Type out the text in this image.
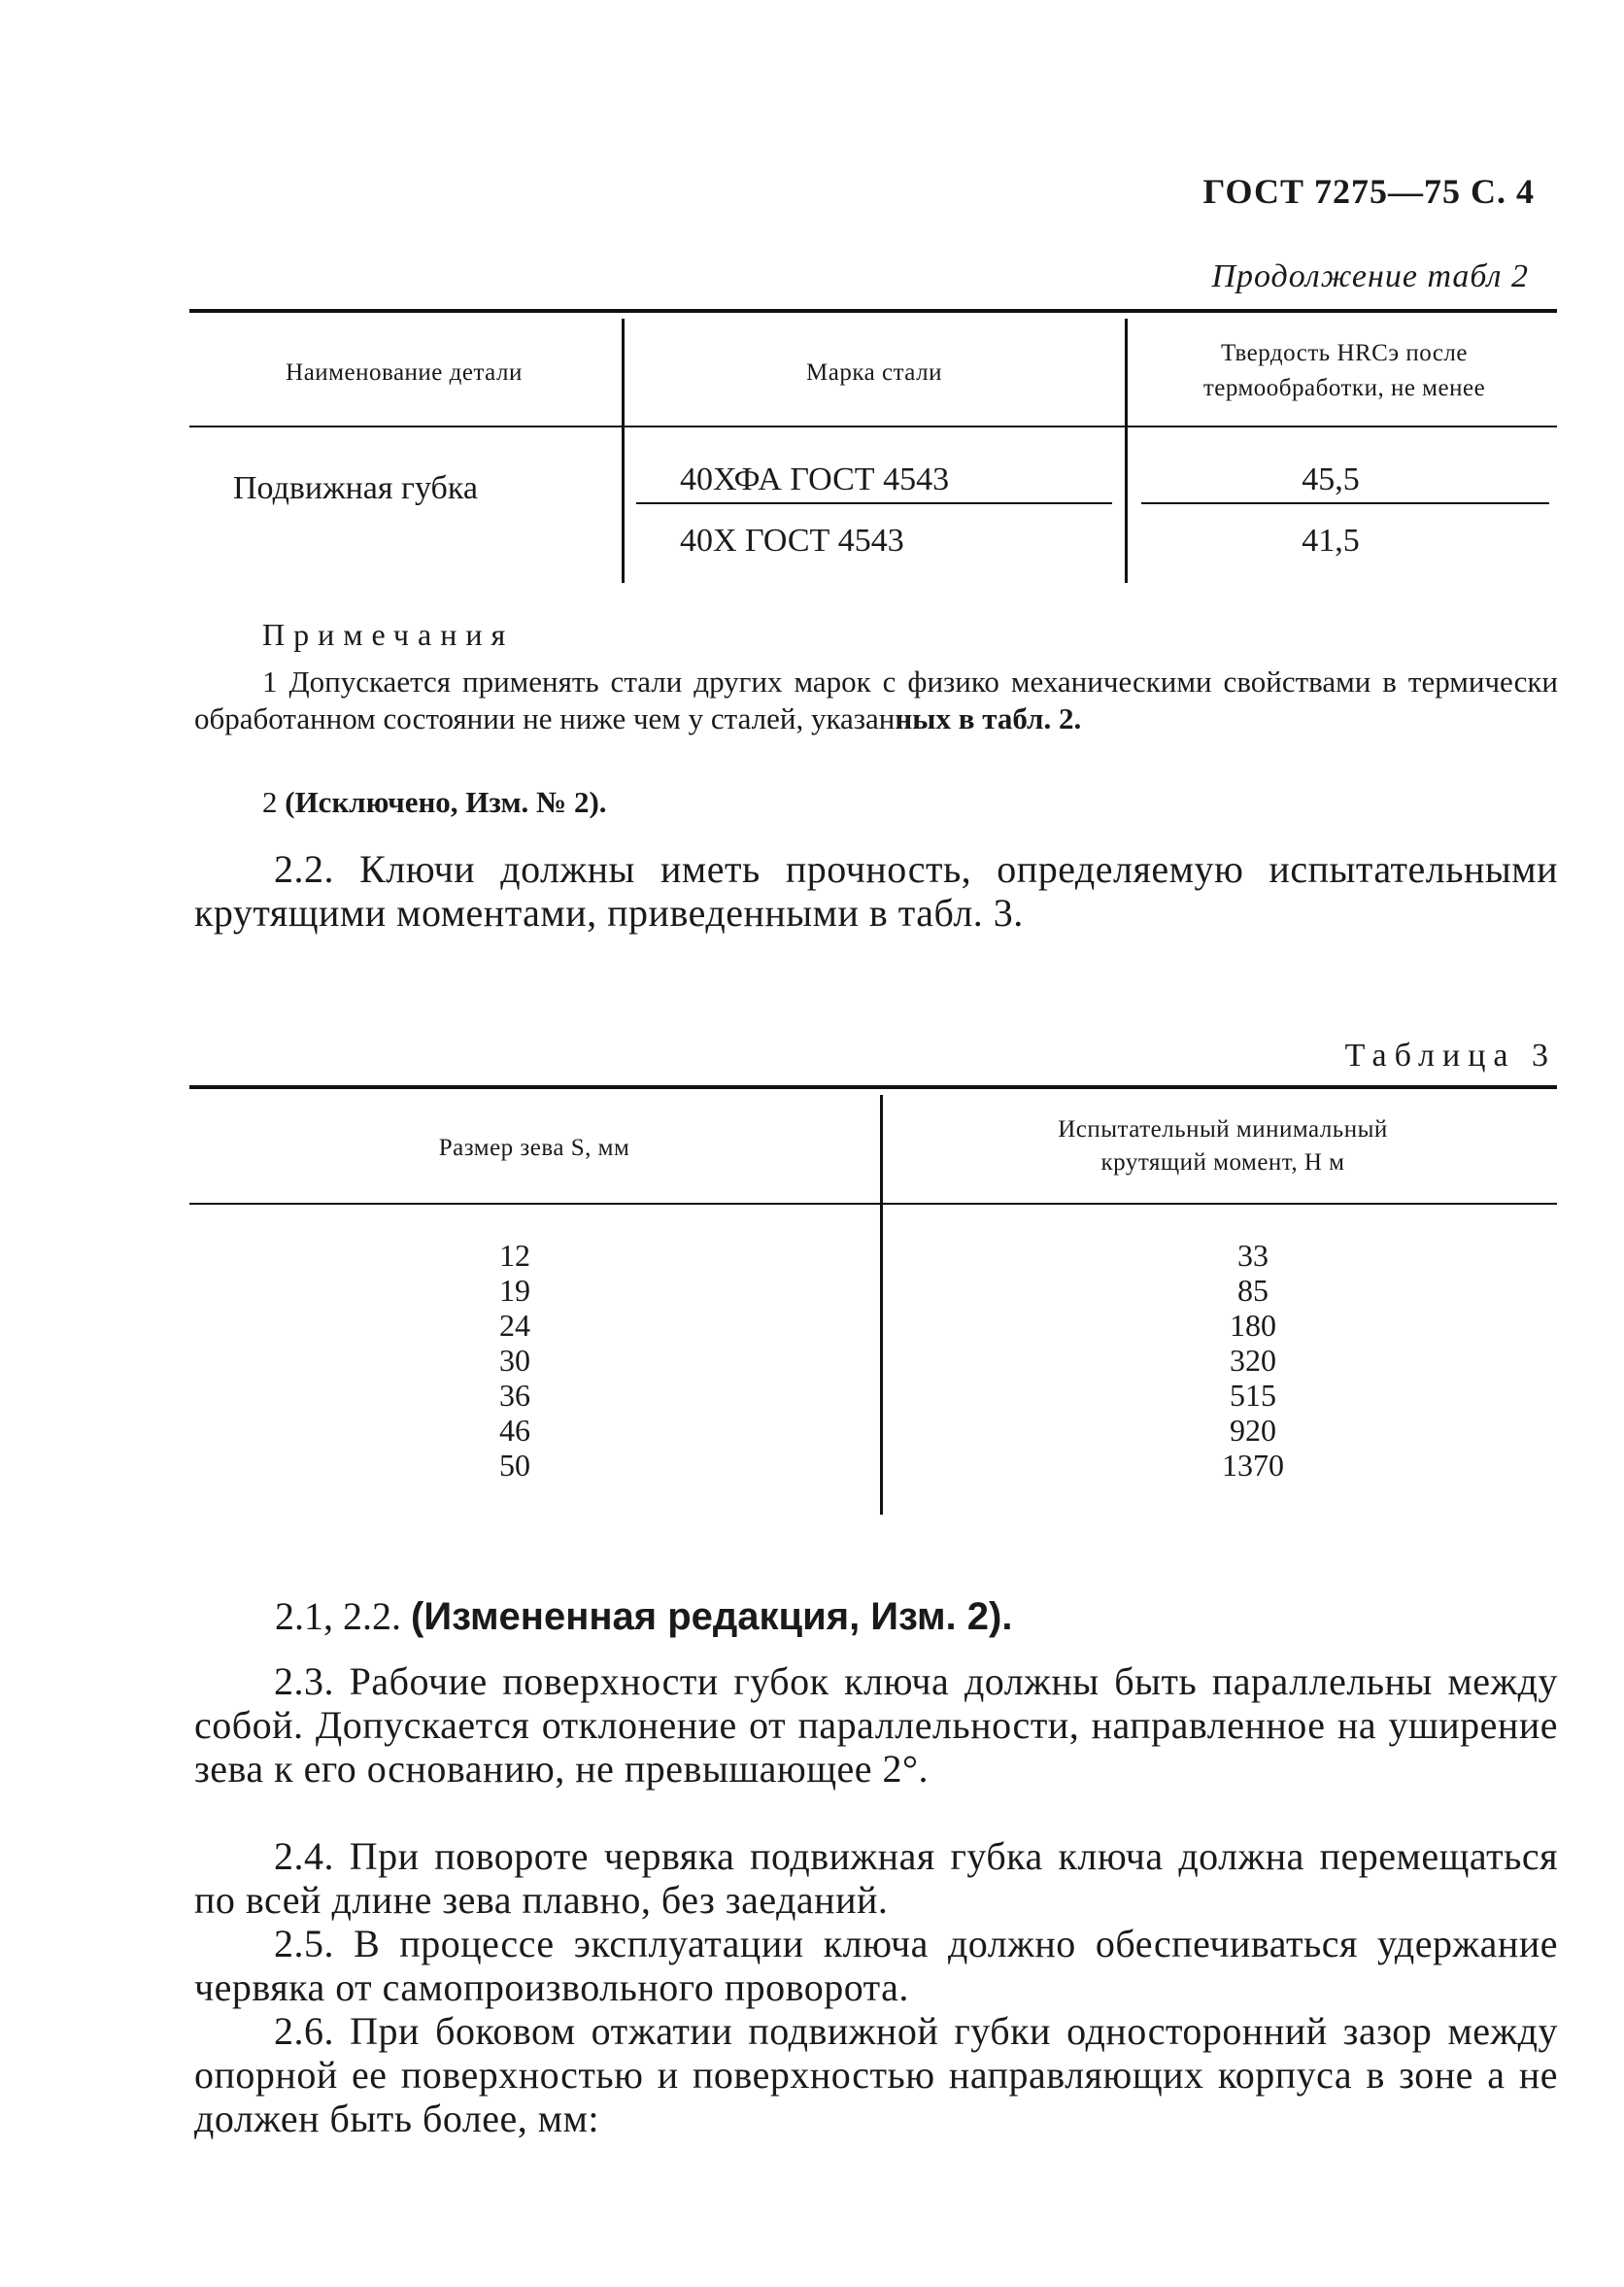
ГОСТ 7275—75 С. 4
Продолжение табл 2
Наименование детали	Марка стали
Твердость HRCэ после
термообработки, не менее
Подвижная губка	40ХФА ГОСТ 4543
40Х ГОСТ 4543
45,5
41,5
Примечания
1 Допускается применять стали других марок с физико механическими свойствами в термически обработанном состоянии не ниже чем у сталей, указанных в табл. 2.
2 (Исключено, Изм. № 2).
2.2. Ключи должны иметь прочность, определяемую испытательными крутящими моментами, приведенными в табл. 3.
Таблица 3
Размер зева S, мм
Испытательный минимальный
крутящий момент, Н м
12
19
24
30
36
46
50
33
85
180
320
515
920
1370
2.1, 2.2. (Измененная редакция, Изм. 2).
2.3. Рабочие поверхности губок ключа должны быть параллельны между собой. Допускается отклонение от параллельности, направленное на уширение зева к его основанию, не превышающее 2°.
2.4. При повороте червяка подвижная губка ключа должна перемещаться по всей длине зева плавно, без заеданий.
2.5. В процессе эксплуатации ключа должно обеспечиваться удержание червяка от самопроизвольного проворота.
2.6. При боковом отжатии подвижной губки односторонний зазор между опорной ее поверхностью и поверхностью направляющих корпуса в зоне а не должен быть более, мм:
